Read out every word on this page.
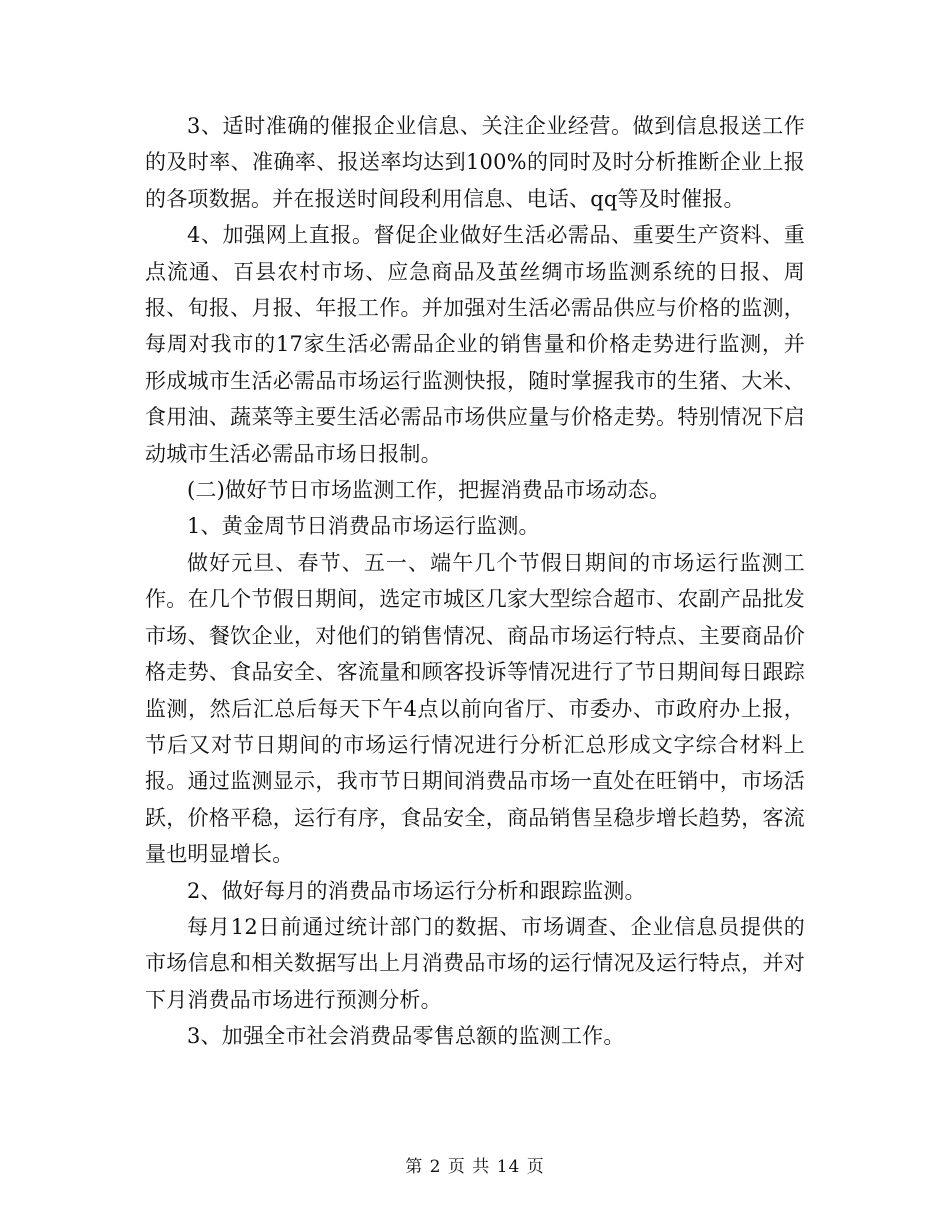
3、适时准确的催报企业信息、关注企业经营。做到信息报送工作的及时率、准确率、报送率均达到100%的同时及时分析推断企业上报的各项数据。并在报送时间段利用信息、电话、qq等及时催报。

4、加强网上直报。督促企业做好生活必需品、重要生产资料、重点流通、百县农村市场、应急商品及茧丝绸市场监测系统的日报、周报、旬报、月报、年报工作。并加强对生活必需品供应与价格的监测，每周对我市的17家生活必需品企业的销售量和价格走势进行监测，并形成城市生活必需品市场运行监测快报，随时掌握我市的生猪、大米、食用油、蔬菜等主要生活必需品市场供应量与价格走势。特别情况下启动城市生活必需品市场日报制。

(二)做好节日市场监测工作，把握消费品市场动态。

1、黄金周节日消费品市场运行监测。

做好元旦、春节、五一、端午几个节假日期间的市场运行监测工作。在几个节假日期间，选定市城区几家大型综合超市、农副产品批发市场、餐饮企业，对他们的销售情况、商品市场运行特点、主要商品价格走势、食品安全、客流量和顾客投诉等情况进行了节日期间每日跟踪监测，然后汇总后每天下午4点以前向省厅、市委办、市政府办上报，节后又对节日期间的市场运行情况进行分析汇总形成文字综合材料上报。通过监测显示，我市节日期间消费品市场一直处在旺销中，市场活跃，价格平稳，运行有序，食品安全，商品销售呈稳步增长趋势，客流量也明显增长。

2、做好每月的消费品市场运行分析和跟踪监测。

每月12日前通过统计部门的数据、市场调查、企业信息员提供的市场信息和相关数据写出上月消费品市场的运行情况及运行特点，并对下月消费品市场进行预测分析。

3、加强全市社会消费品零售总额的监测工作。

第 2 页 共 14 页
